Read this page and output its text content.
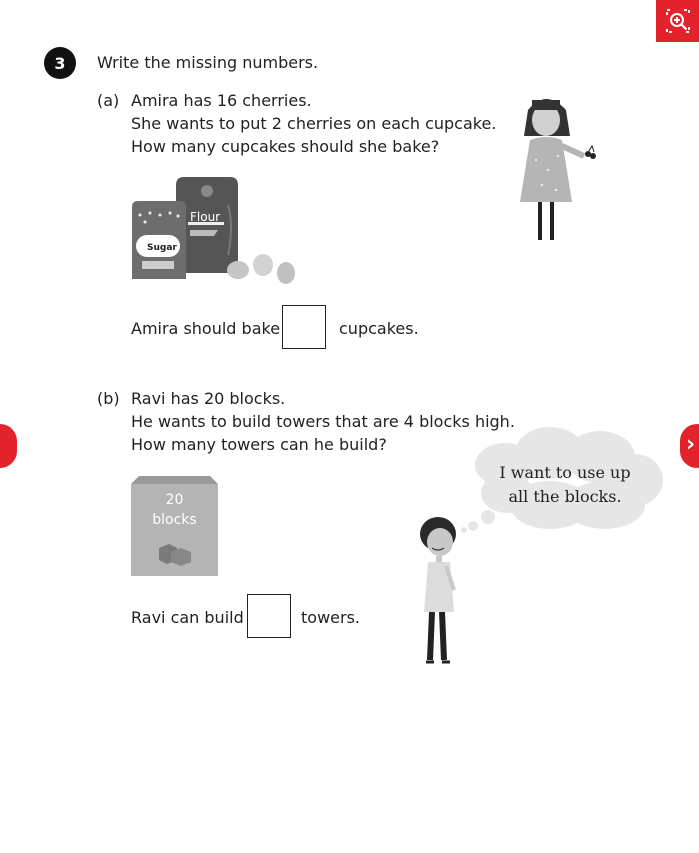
›
3	Write the missing numbers.
(a) Amira has 16 cherries.
She wants to put 2 cherries on each cupcake.
How many cupcakes should she bake?
Flour
Sugar
Amira should bake	cupcakes.
(b) Ravi has 20 blocks.
He wants to build towers that are 4 blocks high.
How many towers can he build?
20
blocks
Ravi can build	towers.
I want to use up
all the blocks.
